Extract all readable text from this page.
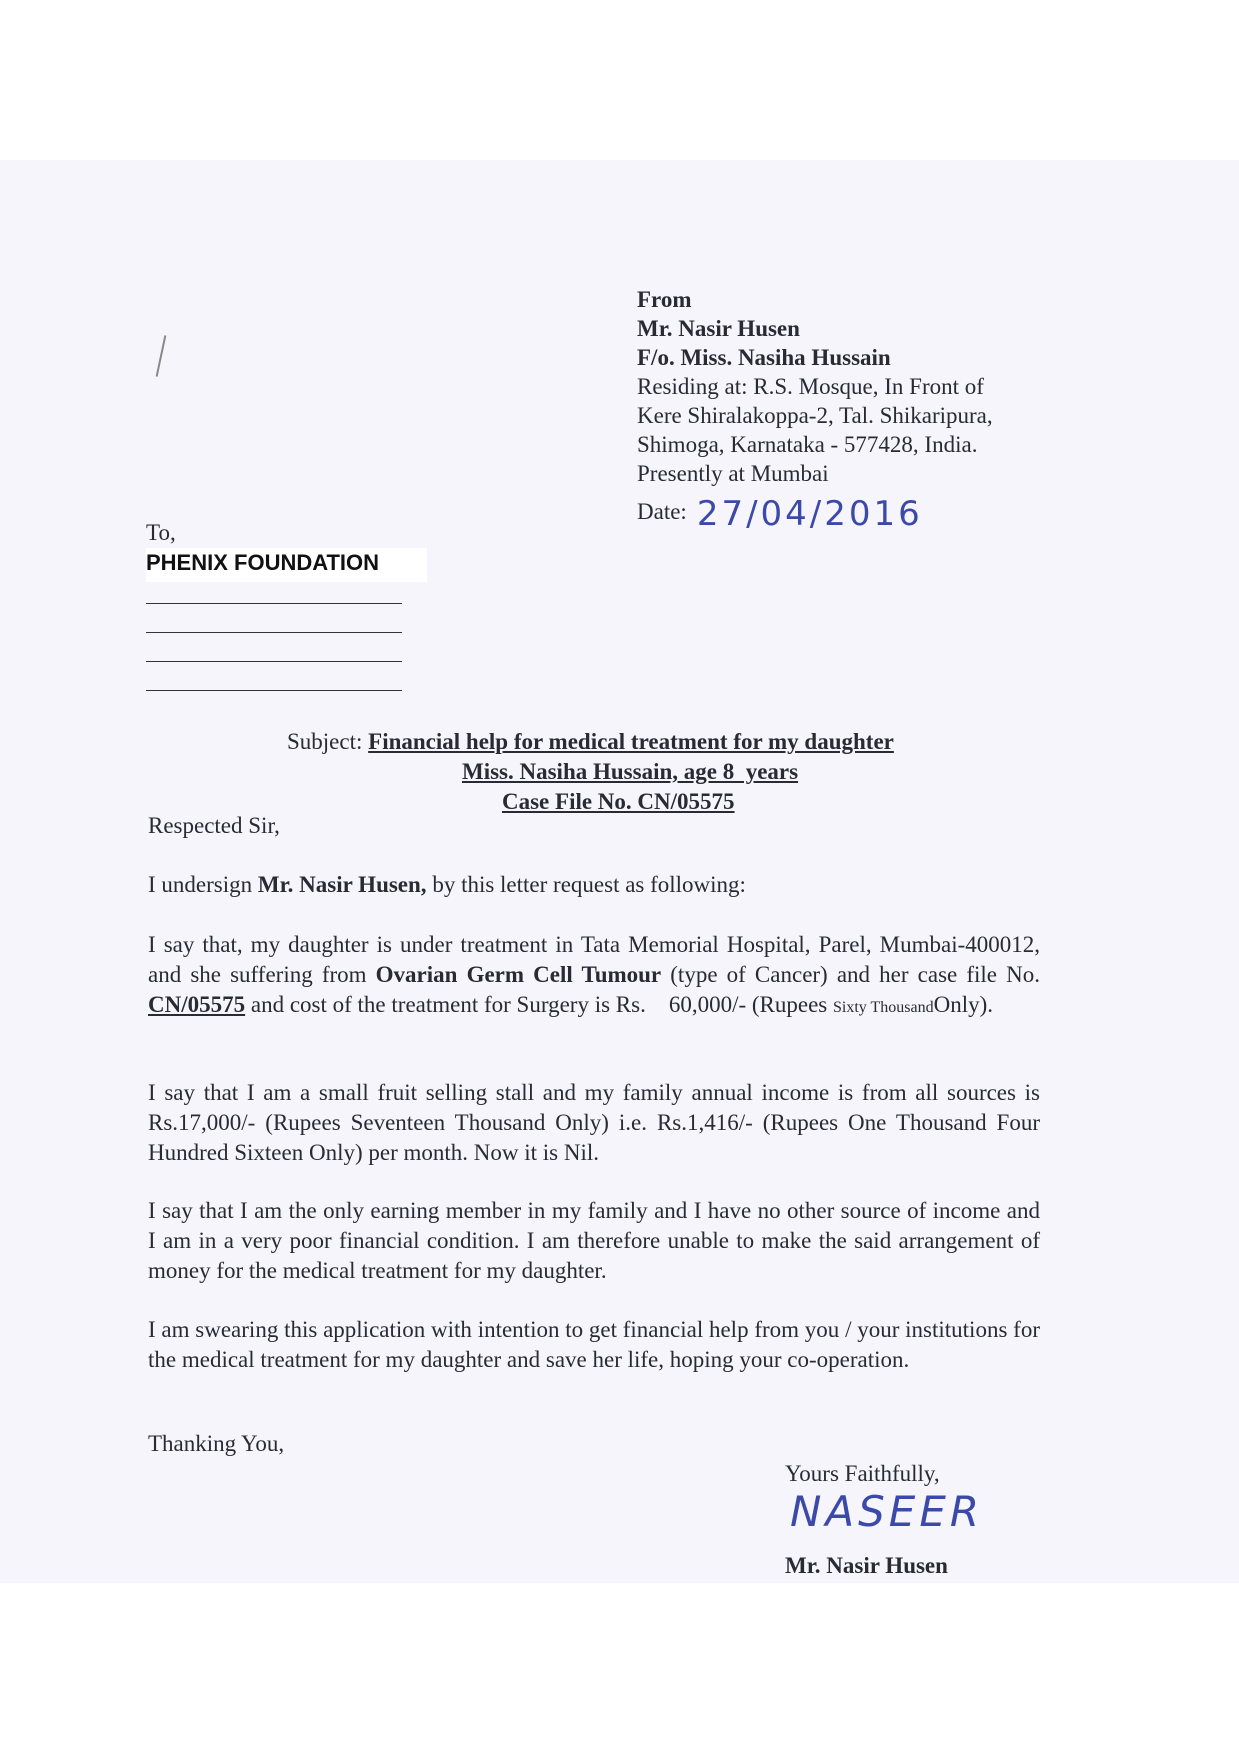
From
Mr. Nasir Husen
F/o. Miss. Nasiha Hussain
Residing at: R.S. Mosque, In Front of
Kere Shiralakoppa-2, Tal. Shikaripura,
Shimoga, Karnataka - 577428, India.
Presently at Mumbai
Date: 27/04/2016
To,
PHENIX FOUNDATION
Subject: Financial help for medical treatment for my daughter
Miss. Nasiha Hussain, age 8  years
Case File No. CN/05575
Respected Sir,
I undersign Mr. Nasir Husen, by this letter request as following:
I say that, my daughter is under treatment in Tata Memorial Hospital, Parel, Mumbai-400012, and she suffering from Ovarian Germ Cell Tumour (type of Cancer) and her case file No. CN/05575 and cost of the treatment for Surgery is Rs.    60,000/- (Rupees Sixty ThousandOnly).
I say that I am a small fruit selling stall and my family annual income is from all sources is Rs.17,000/- (Rupees Seventeen Thousand Only) i.e. Rs.1,416/- (Rupees One Thousand Four Hundred Sixteen Only) per month. Now it is Nil.
I say that I am the only earning member in my family and I have no other source of income and I am in a very poor financial condition. I am therefore unable to make the said arrangement of money for the medical treatment for my daughter.
I am swearing this application with intention to get financial help from you / your institutions for the medical treatment for my daughter and save her life, hoping your co-operation.
Thanking You,
Yours Faithfully,
NASEER
Mr. Nasir Husen
